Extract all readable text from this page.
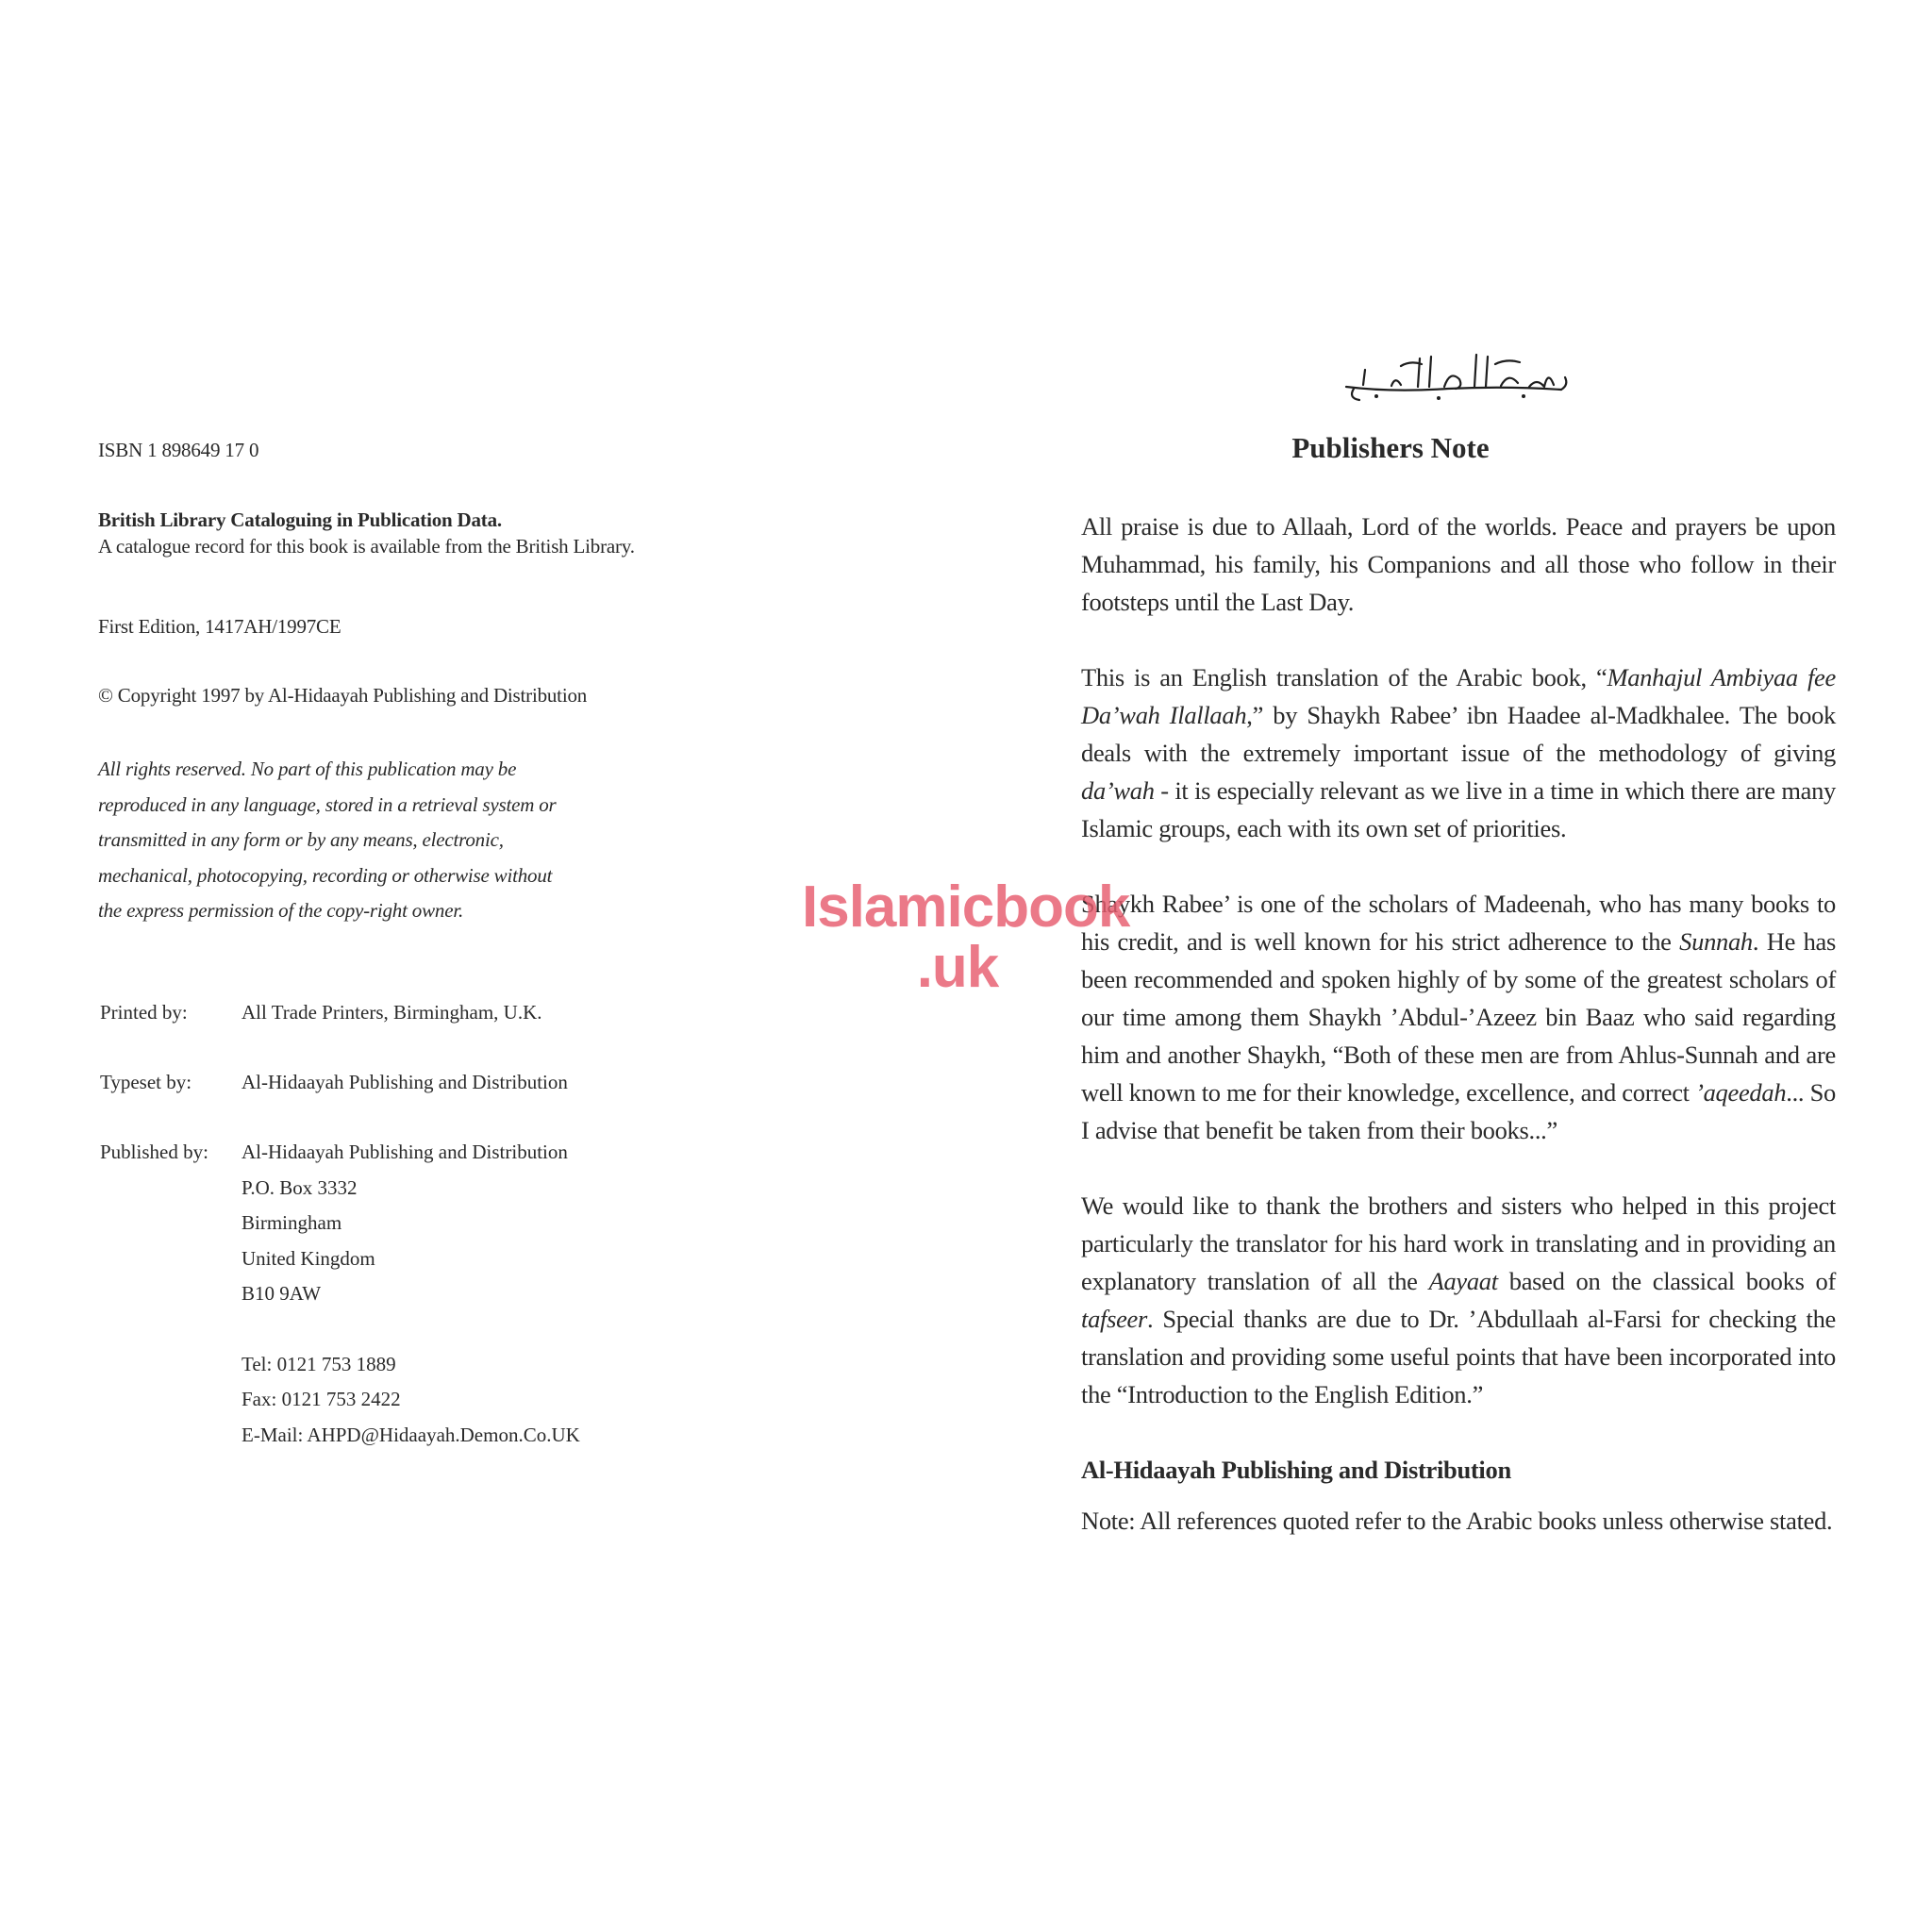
ISBN 1 898649 17 0
British Library Cataloguing in Publication Data.
A catalogue record for this book is available from the British Library.
First Edition, 1417AH/1997CE
© Copyright 1997 by Al-Hidaayah Publishing and Distribution
All rights reserved. No part of this publication may be reproduced in any language, stored in a retrieval system or transmitted in any form or by any means, electronic, mechanical, photocopying, recording or otherwise without the express permission of the copy-right owner.
Printed by:	All Trade Printers, Birmingham, U.K.
Typeset by:	Al-Hidaayah Publishing and Distribution
Published by: Al-Hidaayah Publishing and Distribution
P.O. Box 3332
Birmingham
United Kingdom
B10 9AW
Tel: 0121 753 1889
Fax: 0121 753 2422
E-Mail: AHPD@Hidaayah.Demon.Co.UK
Publishers Note

All praise is due to Allaah, Lord of the worlds. Peace and prayers be upon Muhammad, his family, his Companions and all those who follow in their footsteps until the Last Day.

This is an English translation of the Arabic book, “Manhajul Ambiyaa fee Da’wah Ilallaah,” by Shaykh Rabee’ ibn Haadee al-Madkhalee. The book deals with the extremely important issue of the methodology of giving da’wah - it is especially relevant as we live in a time in which there are many Islamic groups, each with its own set of priorities.

Shaykh Rabee’ is one of the scholars of Madeenah, who has many books to his credit, and is well known for his strict adherence to the Sunnah. He has been recommended and spoken highly of by some of the greatest scholars of our time among them Shaykh ’Abdul-’Azeez bin Baaz who said regarding him and another Shaykh, “Both of these men are from Ahlus-Sunnah and are well known to me for their knowledge, excellence, and correct ’aqeedah... So I advise that benefit be taken from their books...”

We would like to thank the brothers and sisters who helped in this project particularly the translator for his hard work in translating and in providing an explanatory translation of all the Aayaat based on the classical books of tafseer. Special thanks are due to Dr. ’Abdullaah al-Farsi for checking the translation and providing some useful points that have been incorporated into the “Introduction to the English Edition.”

Al-Hidaayah Publishing and Distribution

Note: All references quoted refer to the Arabic books unless otherwise stated.

Islamicbook
.uk
